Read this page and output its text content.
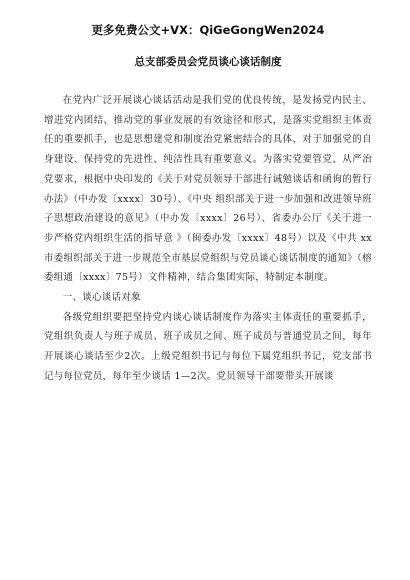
更多免费公文+VX：QiGeGongWen2024
总支部委员会党员谈心谈话制度

在党内广泛开展谈心谈话活动是我们党的优良传统，是发扬党内民主、增进党内团结、推动党的事业发展的有效途径和形式，是落实党组织主体责任的重要抓手，也是思想建党和制度治党紧密结合的具体，对于加强党的自身建设、保持党的先进性、纯洁性具有重要意义。为落实党要管党、从严治党要求，根据中央印发的《关于对党员领导干部进行诫勉谈话和函询的暂行办法》（中办发〔xxxx〕30号）、《中央 组织部关于进一步加强和改进领导班子思想政治建设的意见》（中办发〔xxxx〕26号）、省委办公厅《关于进一步严格党内组织生活的指导意 》（闽委办发〔xxxx〕48号）以及《中共 xx市委组织部关于进一步规范全市基层党组织与党员谈心谈话制度的通知》（榕委组通〔xxxx〕75号）文件精神，结合集团实际，特制定本制度。

一、谈心谈话对象

各级党组织要把坚持党内谈心谈话制度作为落实主体责任的重要抓手，党组织负责人与班子成员、班子成员之间、班子成员与普通党员之间，每年开展谈心谈话至少2次。上级党组织书记与每位下属党组织书记，党支部书记与每位党员，每年至少谈话 1—2次。党员领导干部要带头开展谈
